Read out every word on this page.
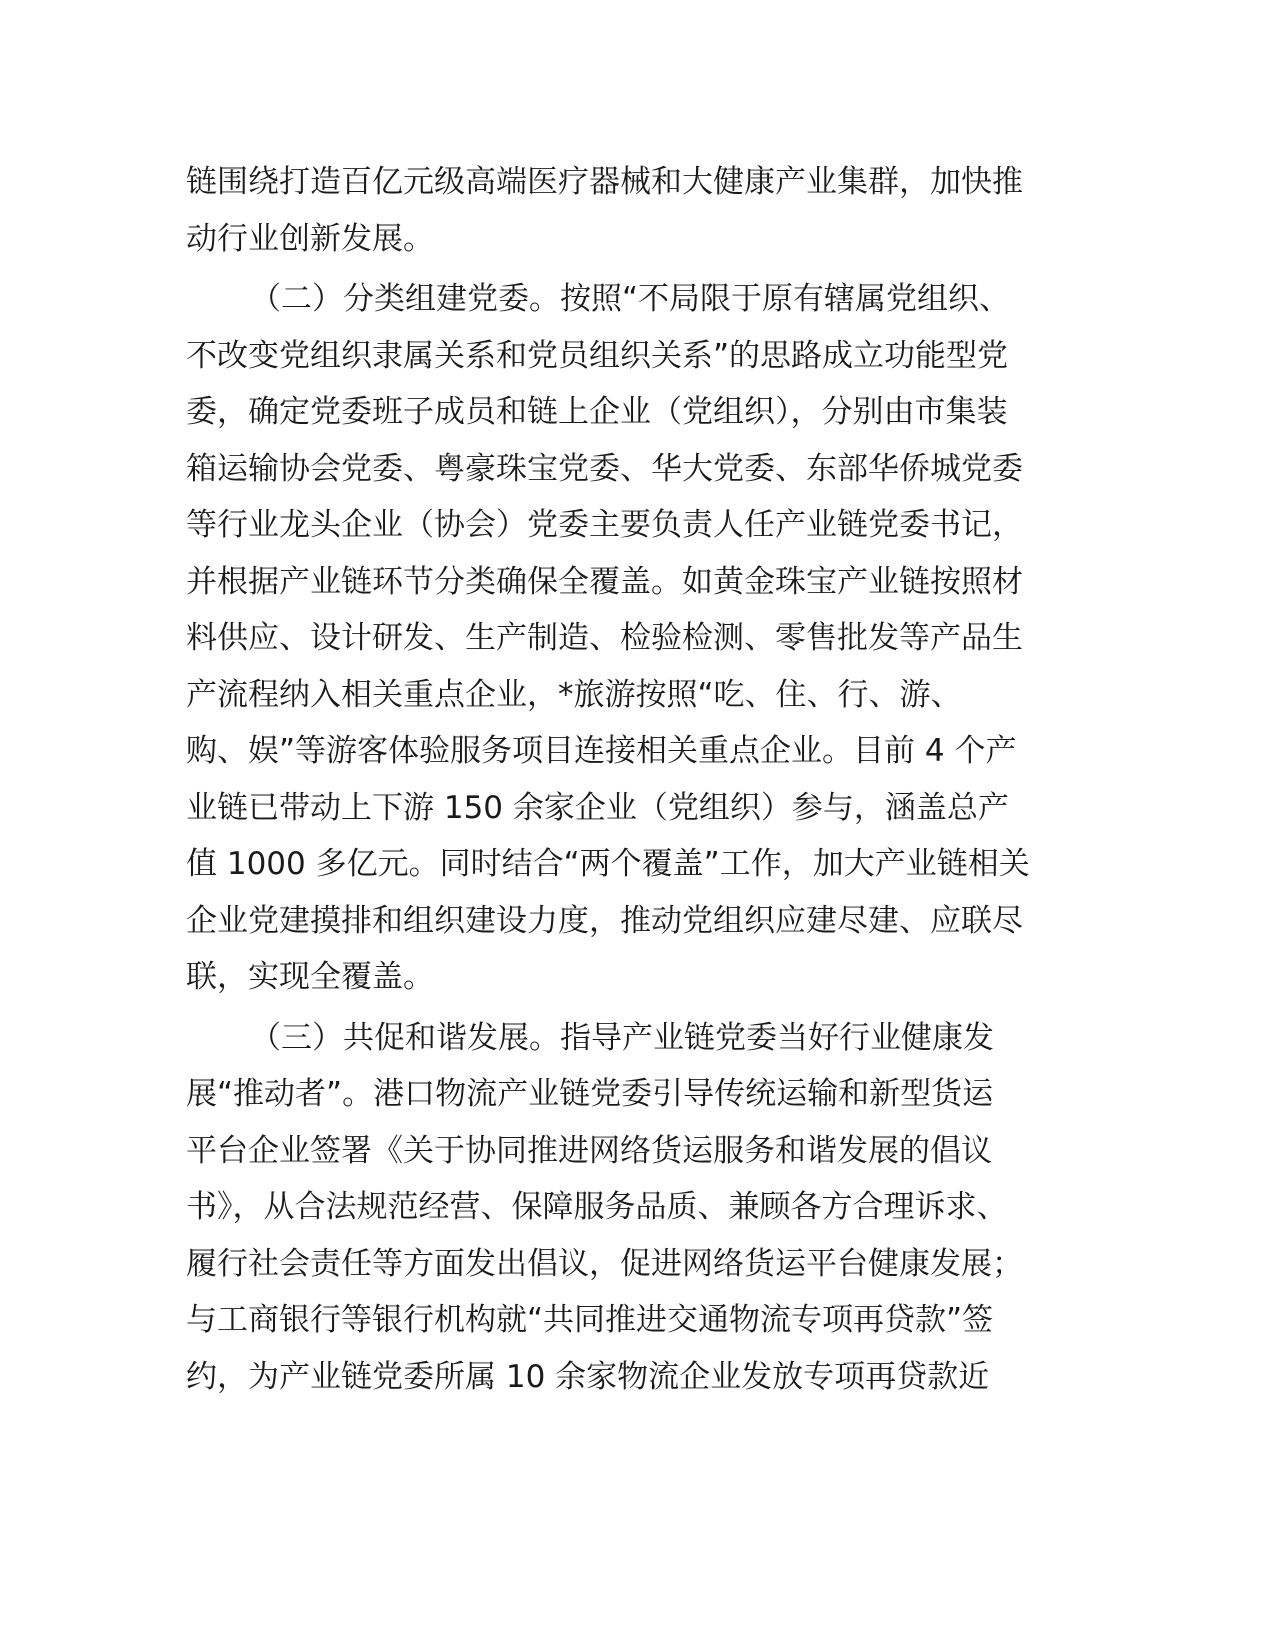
链围绕打造百亿元级高端医疗器械和大健康产业集群，加快推
动行业创新发展。
（二）分类组建党委。按照“不局限于原有辖属党组织、
不改变党组织隶属关系和党员组织关系”的思路成立功能型党
委，确定党委班子成员和链上企业（党组织），分别由市集装
箱运输协会党委、粤豪珠宝党委、华大党委、东部华侨城党委
等行业龙头企业（协会）党委主要负责人任产业链党委书记，
并根据产业链环节分类确保全覆盖。如黄金珠宝产业链按照材
料供应、设计研发、生产制造、检验检测、零售批发等产品生
产流程纳入相关重点企业，*旅游按照“吃、住、行、游、
购、娱”等游客体验服务项目连接相关重点企业。目前 4 个产
业链已带动上下游 150 余家企业（党组织）参与，涵盖总产
值 1000 多亿元。同时结合“两个覆盖”工作，加大产业链相关
企业党建摸排和组织建设力度，推动党组织应建尽建、应联尽
联，实现全覆盖。
（三）共促和谐发展。指导产业链党委当好行业健康发
展“推动者”。港口物流产业链党委引导传统运输和新型货运
平台企业签署《关于协同推进网络货运服务和谐发展的倡议
书》，从合法规范经营、保障服务品质、兼顾各方合理诉求、
履行社会责任等方面发出倡议，促进网络货运平台健康发展；
与工商银行等银行机构就“共同推进交通物流专项再贷款”签
约，为产业链党委所属 10 余家物流企业发放专项再贷款近
